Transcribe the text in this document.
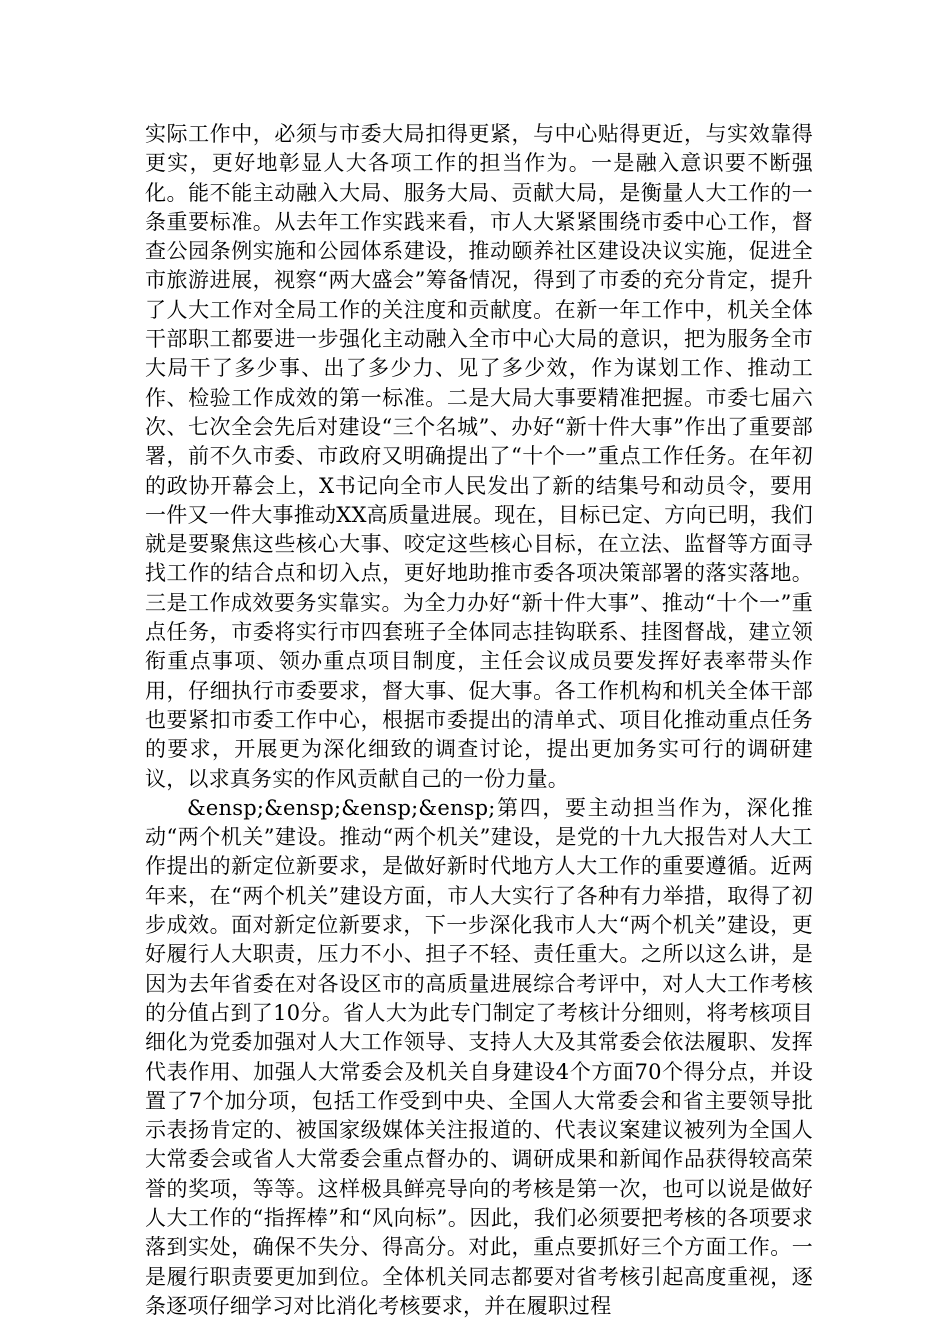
实际工作中，必须与市委大局扣得更紧，与中心贴得更近，与实效靠得更实，更好地彰显人大各项工作的担当作为。一是融入意识要不断强化。能不能主动融入大局、服务大局、贡献大局，是衡量人大工作的一条重要标准。从去年工作实践来看，市人大紧紧围绕市委中心工作，督查公园条例实施和公园体系建设，推动颐养社区建设决议实施，促进全市旅游进展，视察“两大盛会”筹备情况，得到了市委的充分肯定，提升了人大工作对全局工作的关注度和贡献度。在新一年工作中，机关全体干部职工都要进一步强化主动融入全市中心大局的意识，把为服务全市大局干了多少事、出了多少力、见了多少效，作为谋划工作、推动工作、检验工作成效的第一标准。二是大局大事要精准把握。市委七届六次、七次全会先后对建设“三个名城”、办好“新十件大事”作出了重要部署，前不久市委、市政府又明确提出了“十个一”重点工作任务。在年初的政协开幕会上，X书记向全市人民发出了新的结集号和动员令，要用一件又一件大事推动XX高质量进展。现在，目标已定、方向已明，我们就是要聚焦这些核心大事、咬定这些核心目标，在立法、监督等方面寻找工作的结合点和切入点，更好地助推市委各项决策部署的落实落地。三是工作成效要务实靠实。为全力办好“新十件大事”、推动“十个一”重点任务，市委将实行市四套班子全体同志挂钩联系、挂图督战，建立领衔重点事项、领办重点项目制度，主任会议成员要发挥好表率带头作用，仔细执行市委要求，督大事、促大事。各工作机构和机关全体干部也要紧扣市委工作中心，根据市委提出的清单式、项目化推动重点任务的要求，开展更为深化细致的调查讨论，提出更加务实可行的调研建议，以求真务实的作风贡献自己的一份力量。

&ensp;&ensp;&ensp;&ensp;第四，要主动担当作为，深化推动“两个机关”建设。推动“两个机关”建设，是党的十九大报告对人大工作提出的新定位新要求，是做好新时代地方人大工作的重要遵循。近两年来，在“两个机关”建设方面，市人大实行了各种有力举措，取得了初步成效。面对新定位新要求，下一步深化我市人大“两个机关”建设，更好履行人大职责，压力不小、担子不轻、责任重大。之所以这么讲，是因为去年省委在对各设区市的高质量进展综合考评中，对人大工作考核的分值占到了10分。省人大为此专门制定了考核计分细则，将考核项目细化为党委加强对人大工作领导、支持人大及其常委会依法履职、发挥代表作用、加强人大常委会及机关自身建设4个方面70个得分点，并设置了7个加分项，包括工作受到中央、全国人大常委会和省主要领导批示表扬肯定的、被国家级媒体关注报道的、代表议案建议被列为全国人大常委会或省人大常委会重点督办的、调研成果和新闻作品获得较高荣誉的奖项，等等。这样极具鲜亮导向的考核是第一次，也可以说是做好人大工作的“指挥棒”和“风向标”。因此，我们必须要把考核的各项要求落到实处，确保不失分、得高分。对此，重点要抓好三个方面工作。一是履行职责要更加到位。全体机关同志都要对省考核引起高度重视，逐条逐项仔细学习对比消化考核要求，并在履职过程
